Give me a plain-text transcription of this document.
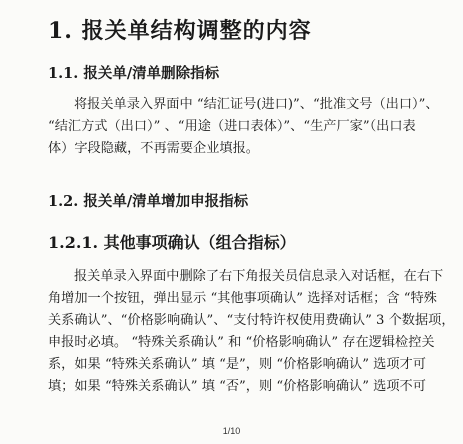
1. 报关单结构调整的内容
1.1. 报关单/清单删除指标
将报关单录入界面中 “结汇证号(进口)”、“批准文号（出口）”、
“结汇方式（出口）” 、“用途（进口表体）”、“生产厂家”（出口表
体）字段隐藏，不再需要企业填报。
1.2. 报关单/清单增加申报指标
1.2.1. 其他事项确认（组合指标）
报关单录入界面中删除了右下角报关员信息录入对话框，在右下
角增加一个按钮，弹出显示 “其他事项确认” 选择对话框；含 “特殊
关系确认”、“价格影响确认”、“支付特许权使用费确认” 3 个数据项，
申报时必填。 “特殊关系确认” 和 “价格影响确认” 存在逻辑检控关
系，如果 “特殊关系确认” 填 “是”，则 “价格影响确认” 选项才可
填；如果 “特殊关系确认” 填 “否”，则 “价格影响确认” 选项不可
1/10
